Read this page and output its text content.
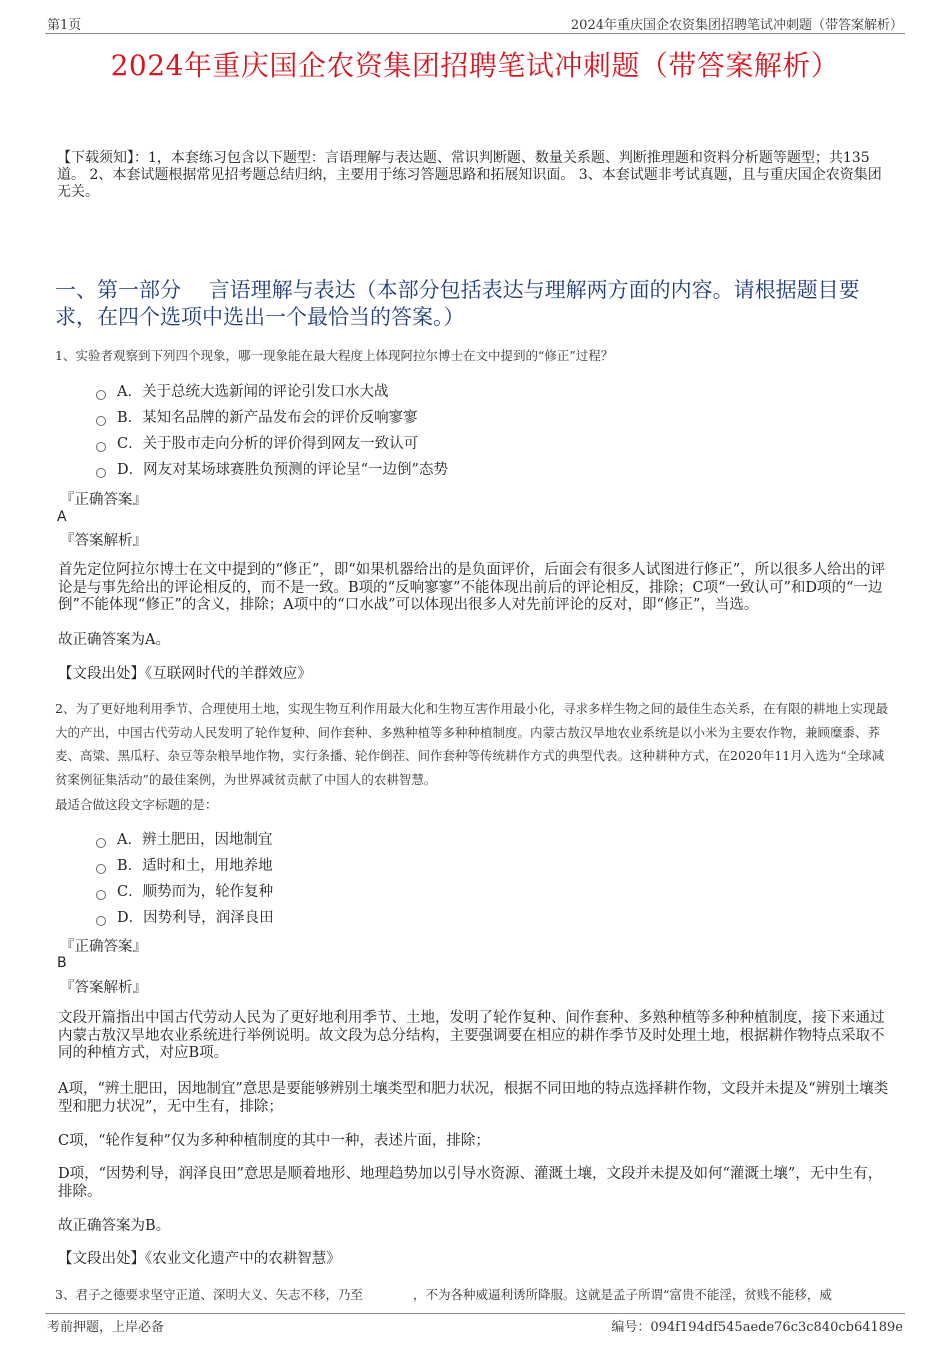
第1页	2024年重庆国企农资集团招聘笔试冲刺题（带答案解析）
2024年重庆国企农资集团招聘笔试冲刺题（带答案解析）
【下载须知】：1，本套练习包含以下题型：言语理解与表达题、常识判断题、数量关系题、判断推理题和资料分析题等题型；共135道。 2、本套试题根据常见招考题总结归纳，主要用于练习答题思路和拓展知识面。 3、本套试题非考试真题，且与重庆国企农资集团无关。
一、第一部分　 言语理解与表达（本部分包括表达与理解两方面的内容。请根据题目要求，在四个选项中选出一个最恰当的答案。）
1、实验者观察到下列四个现象，哪一现象能在最大程度上体现阿拉尔博士在文中提到的“修正”过程？
A．关于总统大选新闻的评论引发口水大战
B．某知名品牌的新产品发布会的评价反响寥寥
C．关于股市走向分析的评价得到网友一致认可
D．网友对某场球赛胜负预测的评论呈“一边倒”态势
『正确答案』
A
『答案解析』
首先定位阿拉尔博士在文中提到的“修正”，即“如果机器给出的是负面评价，后面会有很多人试图进行修正”，所以很多人给出的评论是与事先给出的评论相反的，而不是一致。B项的“反响寥寥”不能体现出前后的评论相反，排除；C项“一致认可”和D项的“一边倒”不能体现“修正”的含义，排除；A项中的“口水战”可以体现出很多人对先前评论的反对，即“修正”，当选。
故正确答案为A。
【文段出处】《互联网时代的羊群效应》
2、为了更好地利用季节、合理使用土地，实现生物互利作用最大化和生物互害作用最小化，寻求多样生物之间的最佳生态关系，在有限的耕地上实现最大的产出，中国古代劳动人民发明了轮作复种、间作套种、多熟种植等多种种植制度。内蒙古敖汉旱地农业系统是以小米为主要农作物，兼顾糜黍、荞麦、高粱、黑瓜籽、杂豆等杂粮旱地作物，实行条播、轮作倒茬、间作套种等传统耕作方式的典型代表。这种耕种方式，在2020年11月入选为“全球减贫案例征集活动”的最佳案例，为世界减贫贡献了中国人的农耕智慧。
最适合做这段文字标题的是：
A．辨土肥田，因地制宜
B．适时和土，用地养地
C．顺势而为，轮作复种
D．因势利导，润泽良田
『正确答案』
B
『答案解析』
文段开篇指出中国古代劳动人民为了更好地利用季节、土地，发明了轮作复种、间作套种、多熟种植等多种种植制度，接下来通过内蒙古敖汉旱地农业系统进行举例说明。故文段为总分结构，主要强调要在相应的耕作季节及时处理土地，根据耕作物特点采取不同的种植方式，对应B项。
A项，“辨土肥田，因地制宜”意思是要能够辨别土壤类型和肥力状况，根据不同田地的特点选择耕作物，文段并未提及“辨别土壤类型和肥力状况”，无中生有，排除；
C项，“轮作复种”仅为多种种植制度的其中一种，表述片面，排除；
D项，“因势利导，润泽良田”意思是顺着地形、地理趋势加以引导水资源、灌溉土壤，文段并未提及如何“灌溉土壤”，无中生有，排除。
故正确答案为B。
【文段出处】《农业文化遗产中的农耕智慧》
3、君子之德要求坚守正道、深明大义、矢志不移，乃至　　　　，不为各种威逼利诱所降服。这就是孟子所谓“富贵不能淫，贫贱不能移，威
考前押题，上岸必备	编号：094f194df545aede76c3c840cb64189e
